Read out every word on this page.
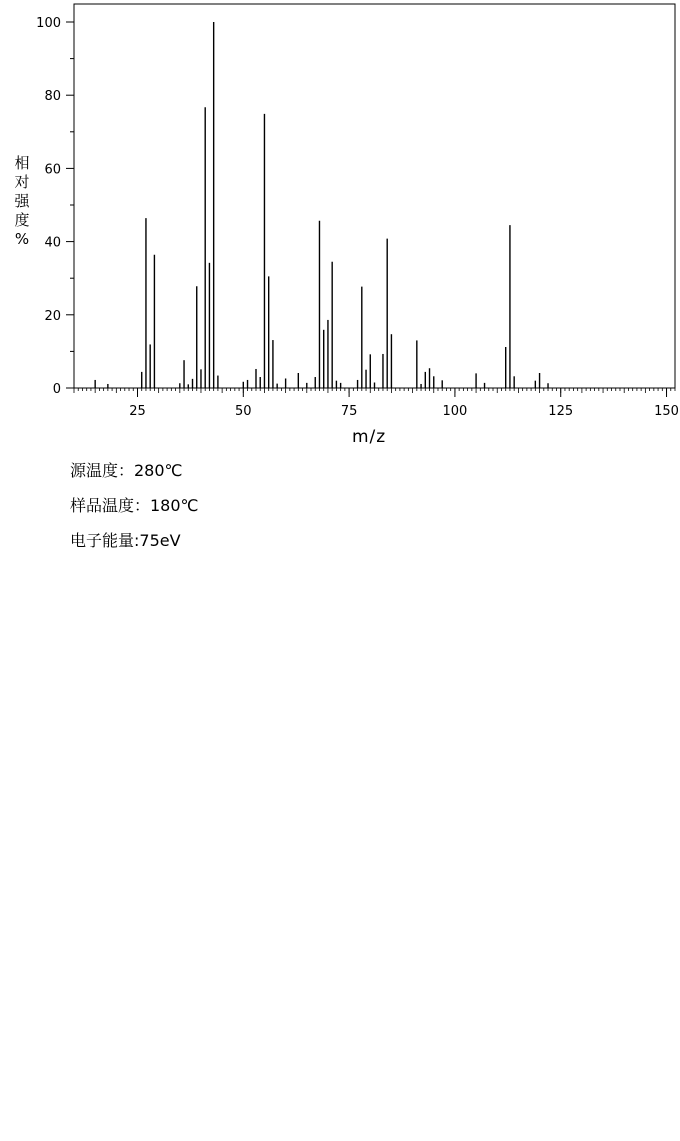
25	50	75	100	125	150
0
20
40
60
80
100
相
对
强
度
%
m/z
源温度：280℃
样品温度：180℃
电子能量:75eV
